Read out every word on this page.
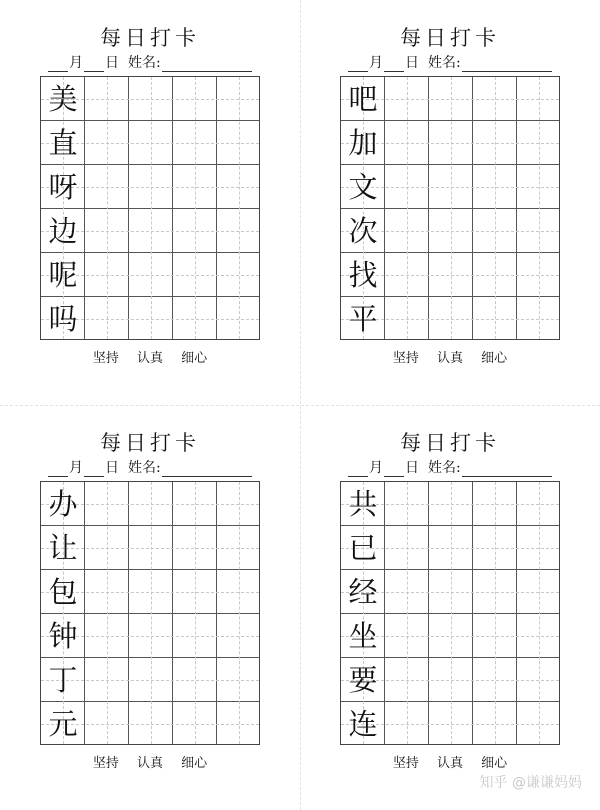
每日打卡
月 日 姓名:
美
直
呀
边
呢
吗
坚持 认真 细心
每日打卡
月 日 姓名:
吧
加
文
次
找
平
坚持 认真 细心
每日打卡
月 日 姓名:
办
让
包
钟
丁
元
坚持 认真 细心
每日打卡
月 日 姓名:
共
已
经
坐
要
连
坚持 认真 细心
知乎 @谦谦妈妈
